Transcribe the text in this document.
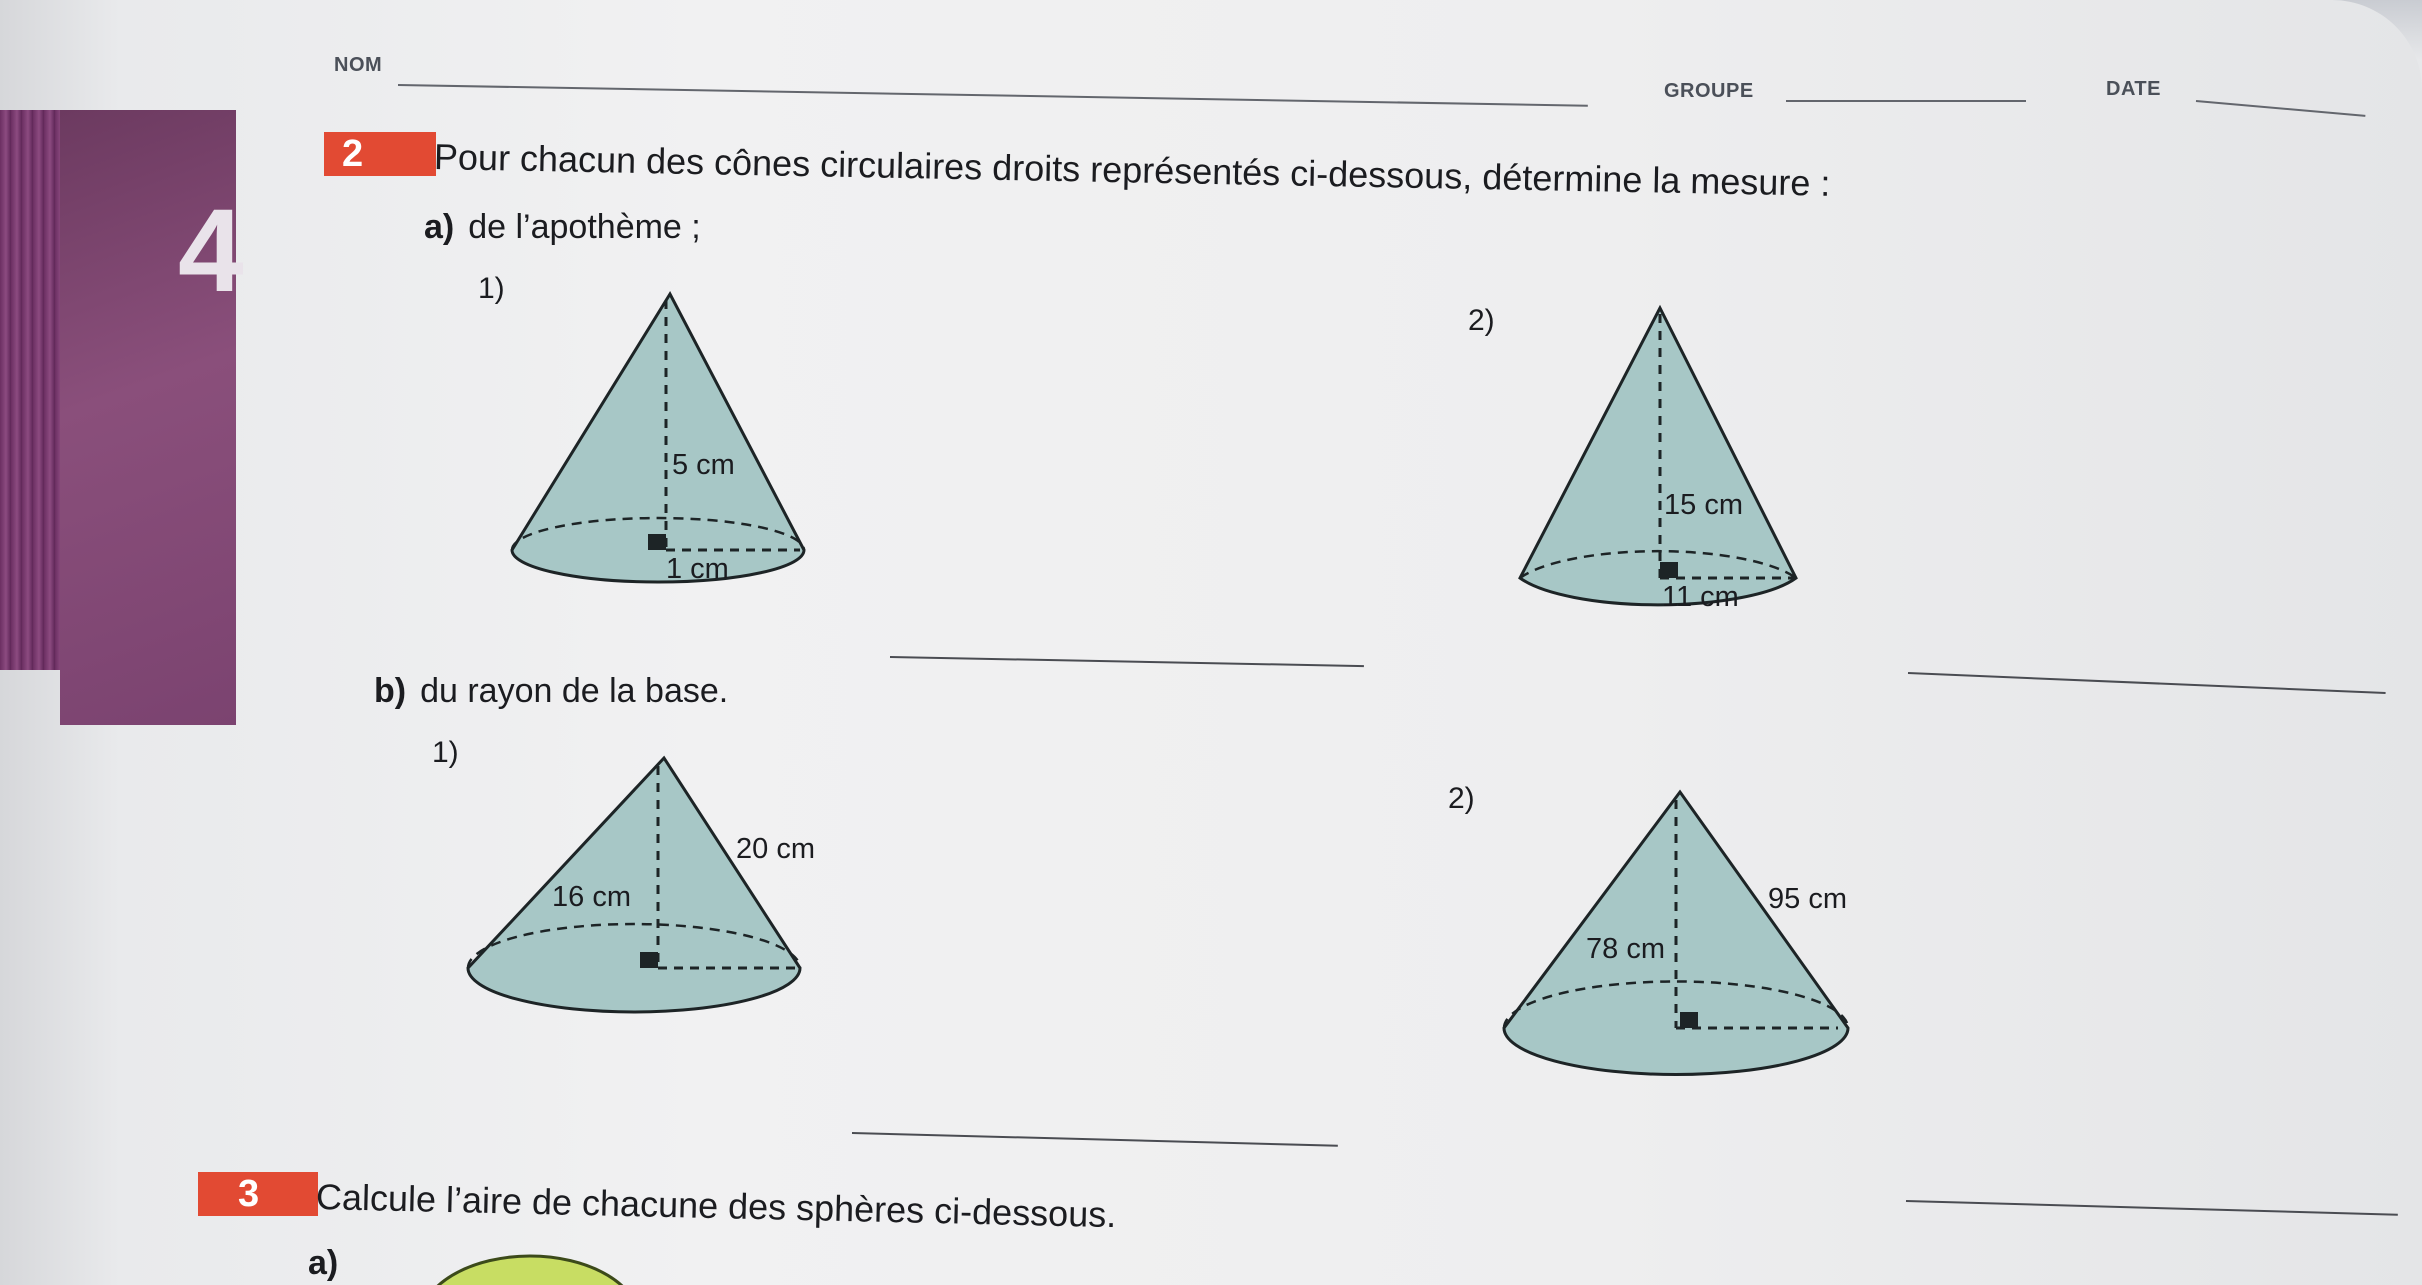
4
NOM
GROUPE	DATE
2	Pour chacun des cônes circulaires droits représentés ci-dessous, détermine la mesure :
a) de l’apothème ;
1)
2)
5 cm
1 cm
15 cm
11 cm
b) du rayon de la base.
1)
2)
16 cm
20 cm
78 cm
95 cm
3	Calcule l’aire de chacune des sphères ci-dessous.
a)
